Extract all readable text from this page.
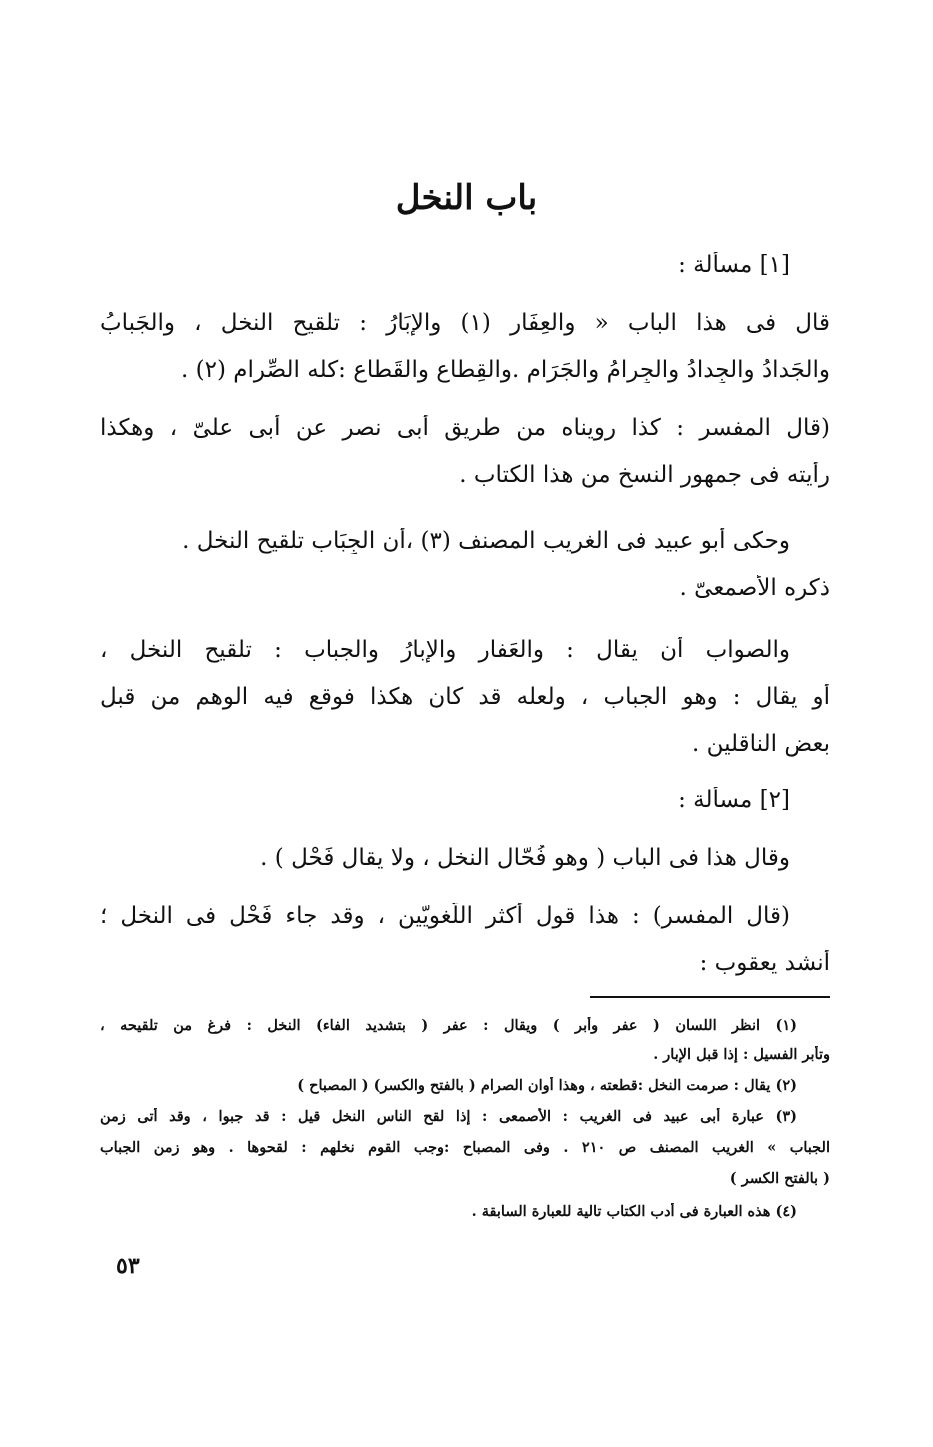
باب النخل
[١] مسألة :
قال فى هذا الباب « والعِفَار (١) والإبَارُ : تلقيح النخل ، والجَبابُ
والجَدادُ والجِدادُ والجِرامُ والجَرَام .والقِطاع والقَطاع :كله الصِّرام (٢) .
(قال المفسر : كذا رويناه من طريق أبى نصر عن أبى علىّ ، وهكذا
رأيته فى جمهور النسخ من هذا الكتاب .
وحكى أبو عبيد فى الغريب المصنف (٣) ،أن الجِبَاب تلقيح النخل .
ذكره الأصمعىّ .
والصواب أن يقال : والعَفار والإبارُ والجباب : تلقيح النخل ،
أو يقال : وهو الجباب ، ولعله قد كان هكذا فوقع فيه الوهم من قبل
بعض الناقلين .
[٢] مسألة :
وقال هذا فى الباب ( وهو فُحّال النخل ، ولا يقال فَحْل ) .
(قال المفسر) : هذا قول أكثر اللُّغويّين ، وقد جاء فَحْل فى النخل ؛
أنشد يعقوب :
(١) انظر اللسان ( عفر وأبر ) ويقال : عفر ( بتشديد الفاء) النخل : فرغ من تلقيحه ،
وتأبر الفسيل : إذا قبل الإبار .
(٢) يقال : صرمت النخل :قطعته ، وهذا أوان الصرام ( بالفتح والكسر) ( المصباح )
(٣) عبارة أبى عبيد فى الغريب : الأصمعى : إذا لقح الناس النخل قيل : قد جبوا ، وقد أتى زمن
الجباب » الغريب المصنف ص ٢١٠ . وفى المصباح :وجب القوم نخلهم : لقحوها . وهو زمن الجباب
( بالفتح الكسر )
(٤) هذه العبارة فى أدب الكتاب تالية للعبارة السابقة .
٥٣
